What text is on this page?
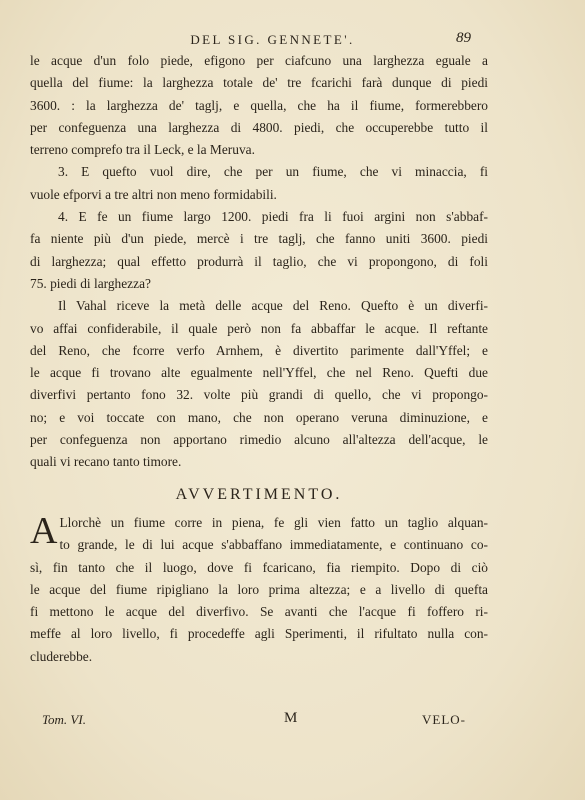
DEL SIG. GENNETE'.	89
le acque d'un folo piede, efigono per ciafcuno una larghezza eguale a
quella del fiume: la larghezza totale de' tre fcarichi farà dunque di piedi
3600. : la larghezza de' taglj, e quella, che ha il fiume, formerebbero
per confeguenza una larghezza di 4800. piedi, che occuperebbe tutto il
terreno comprefo tra il Leck, e la Meruva.
3. E quefto vuol dire, che per un fiume, che vi minaccia, fi
vuole efporvi a tre altri non meno formidabili.
4. E fe un fiume largo 1200. piedi fra li fuoi argini non s'abbaf-
fa niente più d'un piede, mercè i tre taglj, che fanno uniti 3600. piedi
di larghezza; qual effetto produrrà il taglio, che vi propongono, di foli
75. piedi di larghezza?
Il Vahal riceve la metà delle acque del Reno. Quefto è un diverfi-
vo affai confiderabile, il quale però non fa abbaffar le acque. Il reftante
del Reno, che fcorre verfo Arnhem, è divertito parimente dall'Yffel; e
le acque fi trovano alte egualmente nell'Yffel, che nel Reno. Quefti due
diverfivi pertanto fono 32. volte più grandi di quello, che vi propongo-
no; e voi toccate con mano, che non operano veruna diminuzione, e
per confeguenza non apportano rimedio alcuno all'altezza dell'acque, le
quali vi recano tanto timore.
AVVERTIMENTO.
A Llorchè un fiume corre in piena, fe gli vien fatto un taglio alquan-
to grande, le di lui acque s'abbaffano immediatamente, e continuano co-
sì, fin tanto che il luogo, dove fi fcaricano, fia riempito. Dopo di ciò
le acque del fiume ripigliano la loro prima altezza; e a livello di quefta
fi mettono le acque del diverfivo. Se avanti che l'acque fi foffero ri-
meffe al loro livello, fi procedeffe agli Sperimenti, il rifultato nulla con-
cluderebbe.
Tom. VI.	M	VELO-
